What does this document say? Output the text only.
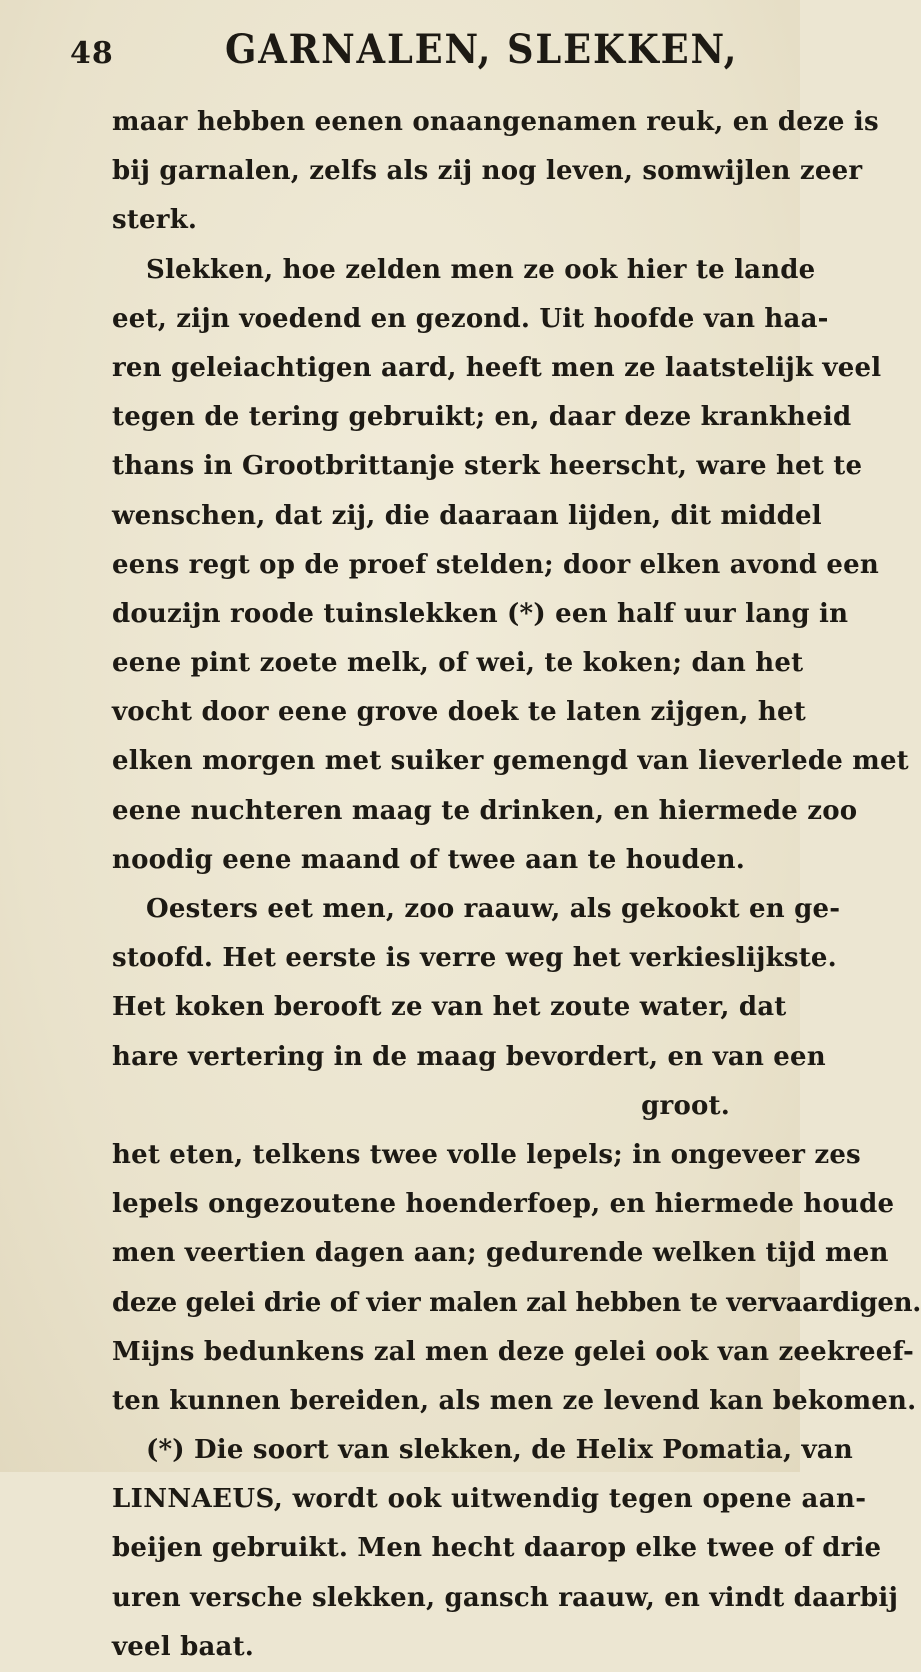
48	GARNALEN, SLEKKEN,
maar hebben eenen onaangenamen reuk, en deze is
bij garnalen, zelfs als zij nog leven, somwijlen zeer
sterk.
Slekken, hoe zelden men ze ook hier te lande
eet, zijn voedend en gezond. Uit hoofde van haa-
ren geleiachtigen aard, heeft men ze laatstelijk veel
tegen de tering gebruikt; en, daar deze krankheid
thans in Grootbrittanje sterk heerscht, ware het te
wenschen, dat zij, die daaraan lijden, dit middel
eens regt op de proef stelden; door elken avond een
douzijn roode tuinslekken (*) een half uur lang in
eene pint zoete melk, of wei, te koken; dan het
vocht door eene grove doek te laten zijgen, het
elken morgen met suiker gemengd van lieverlede met
eene nuchteren maag te drinken, en hiermede zoo
noodig eene maand of twee aan te houden.
Oesters eet men, zoo raauw, als gekookt en ge-
stoofd. Het eerste is verre weg het verkieslijkste.
Het koken berooft ze van het zoute water, dat
hare vertering in de maag bevordert, en van een
groot.
het eten, telkens twee volle lepels; in ongeveer zes
lepels ongezoutene hoenderfoep, en hiermede houde
men veertien dagen aan; gedurende welken tijd men
deze gelei drie of vier malen zal hebben te vervaardigen.
Mijns bedunkens zal men deze gelei ook van zeekreef-
ten kunnen bereiden, als men ze levend kan bekomen.
(*) Die soort van slekken, de Helix Pomatia, van
LINNAEUS, wordt ook uitwendig tegen opene aan-
beijen gebruikt. Men hecht daarop elke twee of drie
uren versche slekken, gansch raauw, en vindt daarbij
veel baat.
